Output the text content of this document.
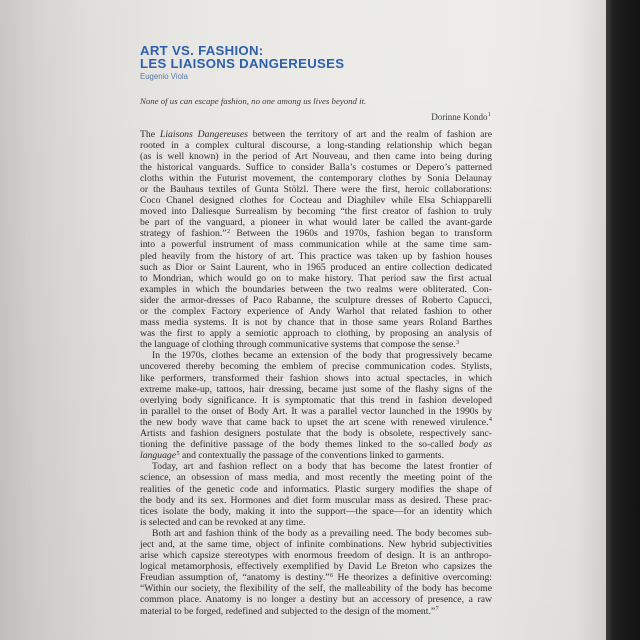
ART VS. FASHION:
LES LIAISONS DANGEREUSES
Eugenio Viola
None of us can escape fashion, no one among us lives beyond it.
Dorinne Kondo$^1$
The Liaisons Dangereuses between the territory of art and the realm of fashion are
rooted in a complex cultural discourse, a long-standing relationship which began
(as is well known) in the period of Art Nouveau, and then came into being during
the historical vanguards. Suffice to consider Balla’s costumes or Depero’s patterned
cloths within the Futurist movement, the contemporary clothes by Sonia Delaunay
or the Bauhaus textiles of Gunta Stölzl. There were the first, heroic collaborations:
Coco Chanel designed clothes for Cocteau and Diaghilev while Elsa Schiapparelli
moved into Daliesque Surrealism by becoming “the first creator of fashion to truly
be part of the vanguard, a pioneer in what would later be called the avant-garde
strategy of fashion.”$^2$ Between the 1960s and 1970s, fashion began to transform
into a powerful instrument of mass communication while at the same time sam-
pled heavily from the history of art. This practice was taken up by fashion houses
such as Dior or Saint Laurent, who in 1965 produced an entire collection dedicated
to Mondrian, which would go on to make history. That period saw the first actual
examples in which the boundaries between the two realms were obliterated. Con-
sider the armor-dresses of Paco Rabanne, the sculpture dresses of Roberto Capucci,
or the complex Factory experience of Andy Warhol that related fashion to other
mass media systems. It is not by chance that in those same years Roland Barthes
was the first to apply a semiotic approach to clothing, by proposing an analysis of
the language of clothing through communicative systems that compose the sense.$^3$
In the 1970s, clothes became an extension of the body that progressively became
uncovered thereby becoming the emblem of precise communication codes. Stylists,
like performers, transformed their fashion shows into actual spectacles, in which
extreme make-up, tattoos, hair dressing, became just some of the flashy signs of the
overlying body significance. It is symptomatic that this trend in fashion developed
in parallel to the onset of Body Art. It was a parallel vector launched in the 1990s by
the new body wave that came back to upset the art scene with renewed virulence.$^4$
Artists and fashion designers postulate that the body is obsolete, respectively sanc-
tioning the definitive passage of the body themes linked to the so-called body as
language$^5$ and contextually the passage of the conventions linked to garments.
Today, art and fashion reflect on a body that has become the latest frontier of
science, an obsession of mass media, and most recently the meeting point of the
realities of the genetic code and informatics. Plastic surgery modifies the shape of
the body and its sex. Hormones and diet form muscular mass as desired. These prac-
tices isolate the body, making it into the support—the space—for an identity which
is selected and can be revoked at any time.
Both art and fashion think of the body as a prevailing need. The body becomes sub-
ject and, at the same time, object of infinite combinations. New hybrid subjectivities
arise which capsize stereotypes with enormous freedom of design. It is an anthropo-
logical metamorphosis, effectively exemplified by David Le Breton who capsizes the
Freudian assumption of, “anatomy is destiny.”$^6$ He theorizes a definitive overcoming:
“Within our society, the flexibility of the self, the malleability of the body has become
common place. Anatomy is no longer a destiny but an accessory of presence, a raw
material to be forged, redefined and subjected to the design of the moment.”$^7$
